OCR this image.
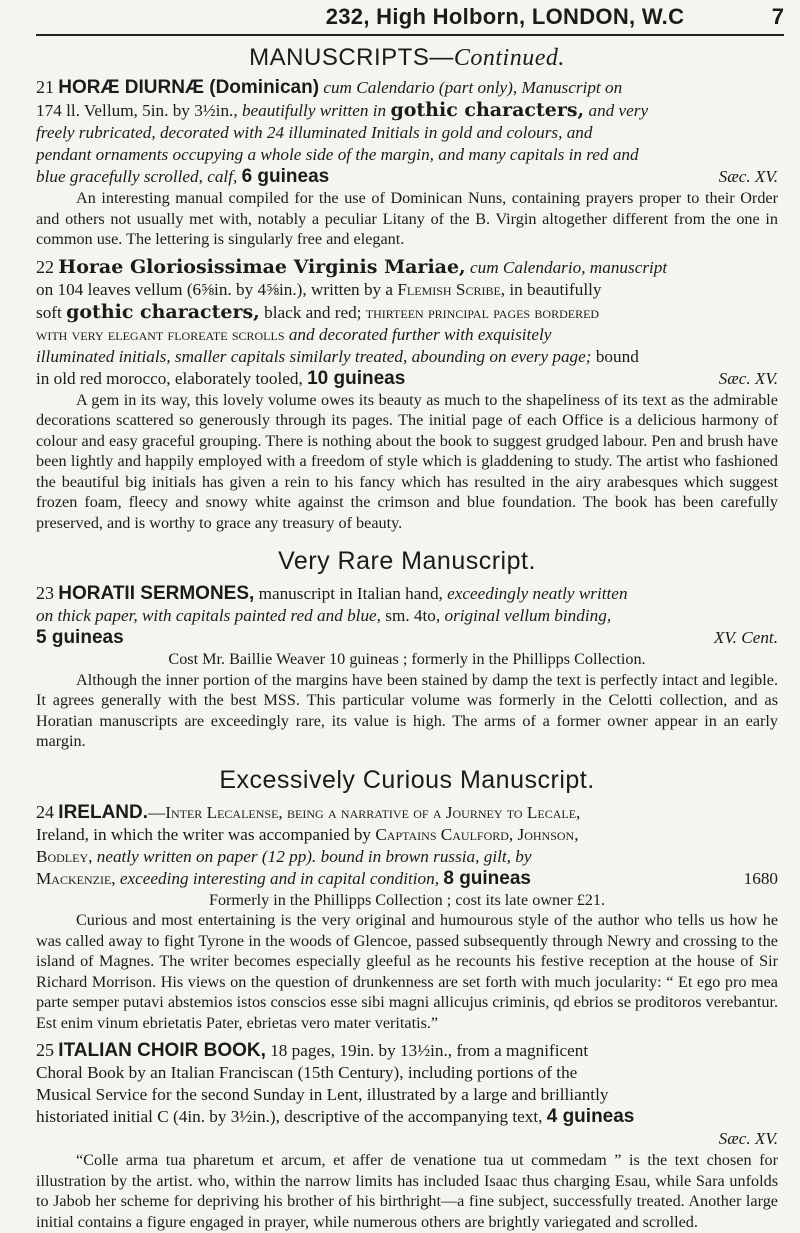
232, High Holborn, LONDON, W.C	7
MANUSCRIPTS—Continued.
21 HORÆ DIURNÆ (Dominican) cum Calendario (part only), Manuscript on
174 ll. Vellum, 5in. by 3½in., beautifully written in gothic characters, and very
freely rubricated, decorated with 24 illuminated Initials in gold and colours, and
pendant ornaments occupying a whole side of the margin, and many capitals in red and
blue gracefully scrolled, calf, 6 guineas	Sæc. XV.

An interesting manual compiled for the use of Dominican Nuns, containing prayers proper to their Order and others not usually met with, notably a peculiar Litany of the B. Virgin altogether different from the one in common use. The lettering is singularly free and elegant.

22 Horae Gloriosissimae Virginis Mariae, cum Calendario, manuscript
on 104 leaves vellum (6⅝in. by 4⅝in.), written by a Flemish Scribe, in beautifully
soft gothic characters, black and red; thirteen principal pages bordered
with very elegant floreate scrolls and decorated further with exquisitely
illuminated initials, smaller capitals similarly treated, abounding on every page; bound
in old red morocco, elaborately tooled, 10 guineas	Sæc. XV.

A gem in its way, this lovely volume owes its beauty as much to the shapeliness of its text as the admirable decorations scattered so generously through its pages. The initial page of each Office is a delicious harmony of colour and easy graceful grouping. There is nothing about the book to suggest grudged labour. Pen and brush have been lightly and happily employed with a freedom of style which is gladdening to study. The artist who fashioned the beautiful big initials has given a rein to his fancy which has resulted in the airy arabesques which suggest frozen foam, fleecy and snowy white against the crimson and blue foundation. The book has been carefully preserved, and is worthy to grace any treasury of beauty.

Very Rare Manuscript.
23 HORATII SERMONES, manuscript in Italian hand, exceedingly neatly written
on thick paper, with capitals painted red and blue, sm. 4to, original vellum binding,
5 guineas	XV. Cent.

Cost Mr. Baillie Weaver 10 guineas ; formerly in the Phillipps Collection.

Although the inner portion of the margins have been stained by damp the text is perfectly intact and legible. It agrees generally with the best MSS. This particular volume was formerly in the Celotti collection, and as Horatian manuscripts are exceedingly rare, its value is high. The arms of a former owner appear in an early margin.

Excessively Curious Manuscript.
24 IRELAND.—Inter Lecalense, being a narrative of a Journey to Lecale,
Ireland, in which the writer was accompanied by Captains Caulford, Johnson,
Bodley, neatly written on paper (12 pp). bound in brown russia, gilt, by
Mackenzie, exceeding interesting and in capital condition, 8 guineas	1680

Formerly in the Phillipps Collection ; cost its late owner £21.

Curious and most entertaining is the very original and humourous style of the author who tells us how he was called away to fight Tyrone in the woods of Glencoe, passed subsequently through Newry and crossing to the island of Magnes. The writer becomes especially gleeful as he recounts his festive reception at the house of Sir Richard Morrison. His views on the question of drunkenness are set forth with much jocularity: “ Et ego pro mea parte semper putavi abstemios istos conscios esse sibi magni allicujus criminis, qd ebrios se proditoros verebantur. Est enim vinum ebrietatis Pater, ebrietas vero mater veritatis.”

25 ITALIAN CHOIR BOOK, 18 pages, 19in. by 13½in., from a magnificent
Choral Book by an Italian Franciscan (15th Century), including portions of the
Musical Service for the second Sunday in Lent, illustrated by a large and brilliantly
historiated initial C (4in. by 3½in.), descriptive of the accompanying text, 4 guineas
Sæc. XV.

“Colle arma tua pharetum et arcum, et affer de venatione tua ut commedam ” is the text chosen for illustration by the artist. who, within the narrow limits has included Isaac thus charging Esau, while Sara unfolds to Jabob her scheme for depriving his brother of his birthright—a fine subject, successfully treated. Another large initial contains a figure engaged in prayer, while numerous others are brightly variegated and scrolled.
